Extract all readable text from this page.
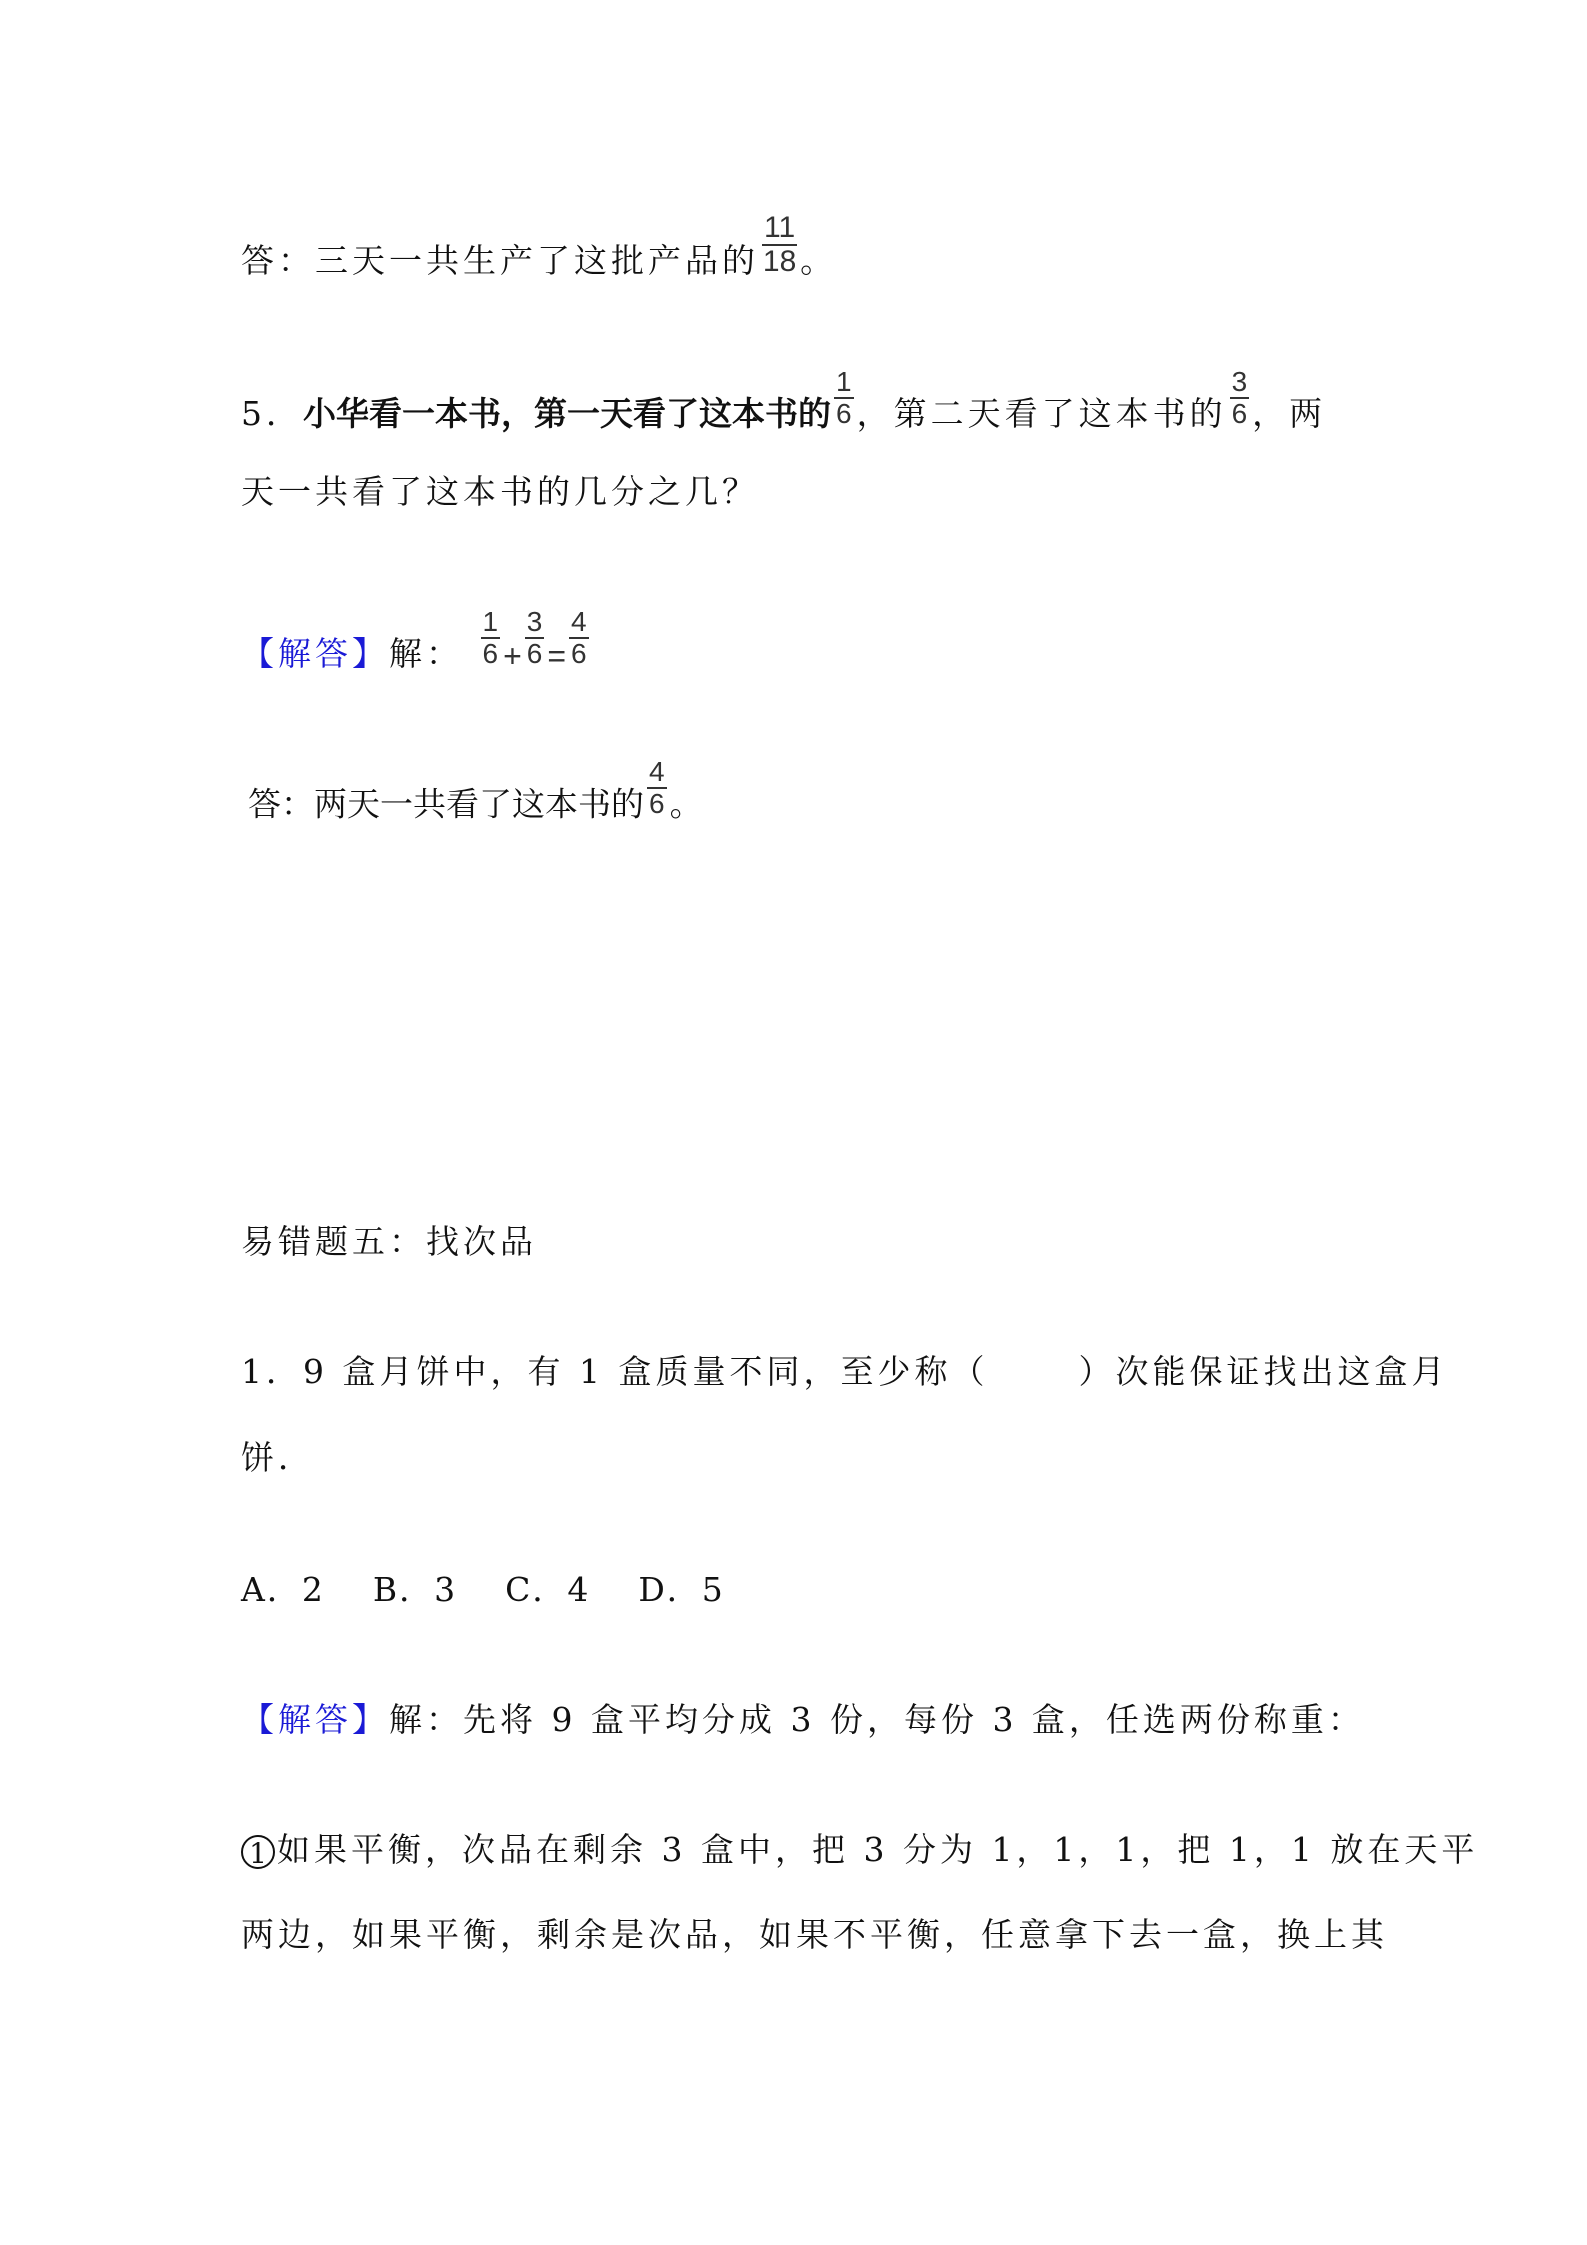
答：三天一共生产了这批产品的 $\frac{11}{18}$ 。
5．小华看一本书，第一天看了这本书的 $\frac{1}{6}$ ，第二天看了这本书的 $\frac{3}{6}$ ，两
天一共看了这本书的几分之几？
【解答】解： $\frac{1}{6} + \frac{3}{6} = \frac{4}{6}$
答：两天一共看了这本书的 $\frac{4}{6}$ 。
易错题五：找次品
1．9 盒月饼中，有 1 盒质量不同，至少称（	）次能保证找出这盒月
饼．
A．2 B．3 C．4 D．5
【解答】解：先将 9 盒平均分成 3 份，每份 3 盒，任选两份称重：
1 如果平衡，次品在剩余 3 盒中，把 3 分为 1，1，1，把 1，1 放在天平
两边，如果平衡，剩余是次品，如果不平衡，任意拿下去一盒，换上其
